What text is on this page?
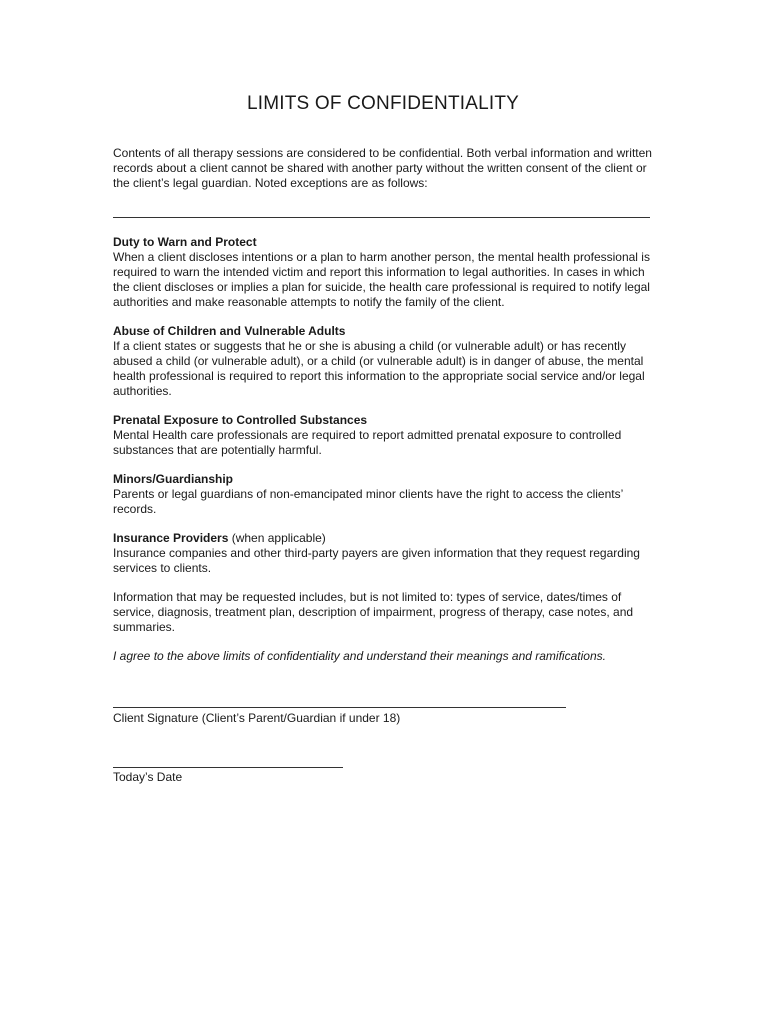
LIMITS OF CONFIDENTIALITY

Contents of all therapy sessions are considered to be confidential. Both verbal information and written records about a client cannot be shared with another party without the written consent of the client or the client’s legal guardian. Noted exceptions are as follows:

Duty to Warn and Protect
When a client discloses intentions or a plan to harm another person, the mental health professional is required to warn the intended victim and report this information to legal authorities. In cases in which the client discloses or implies a plan for suicide, the health care professional is required to notify legal authorities and make reasonable attempts to notify the family of the client.
Abuse of Children and Vulnerable Adults
If a client states or suggests that he or she is abusing a child (or vulnerable adult) or has recently abused a child (or vulnerable adult), or a child (or vulnerable adult) is in danger of abuse, the mental health professional is required to report this information to the appropriate social service and/or legal authorities.
Prenatal Exposure to Controlled Substances
Mental Health care professionals are required to report admitted prenatal exposure to controlled substances that are potentially harmful.
Minors/Guardianship
Parents or legal guardians of non-emancipated minor clients have the right to access the clients’ records.
Insurance Providers (when applicable)
Insurance companies and other third-party payers are given information that they request regarding services to clients.
Information that may be requested includes, but is not limited to: types of service, dates/times of service, diagnosis, treatment plan, description of impairment, progress of therapy, case notes, and summaries.

I agree to the above limits of confidentiality and understand their meanings and ramifications.

Client Signature (Client’s Parent/Guardian if under 18)

Today’s Date
